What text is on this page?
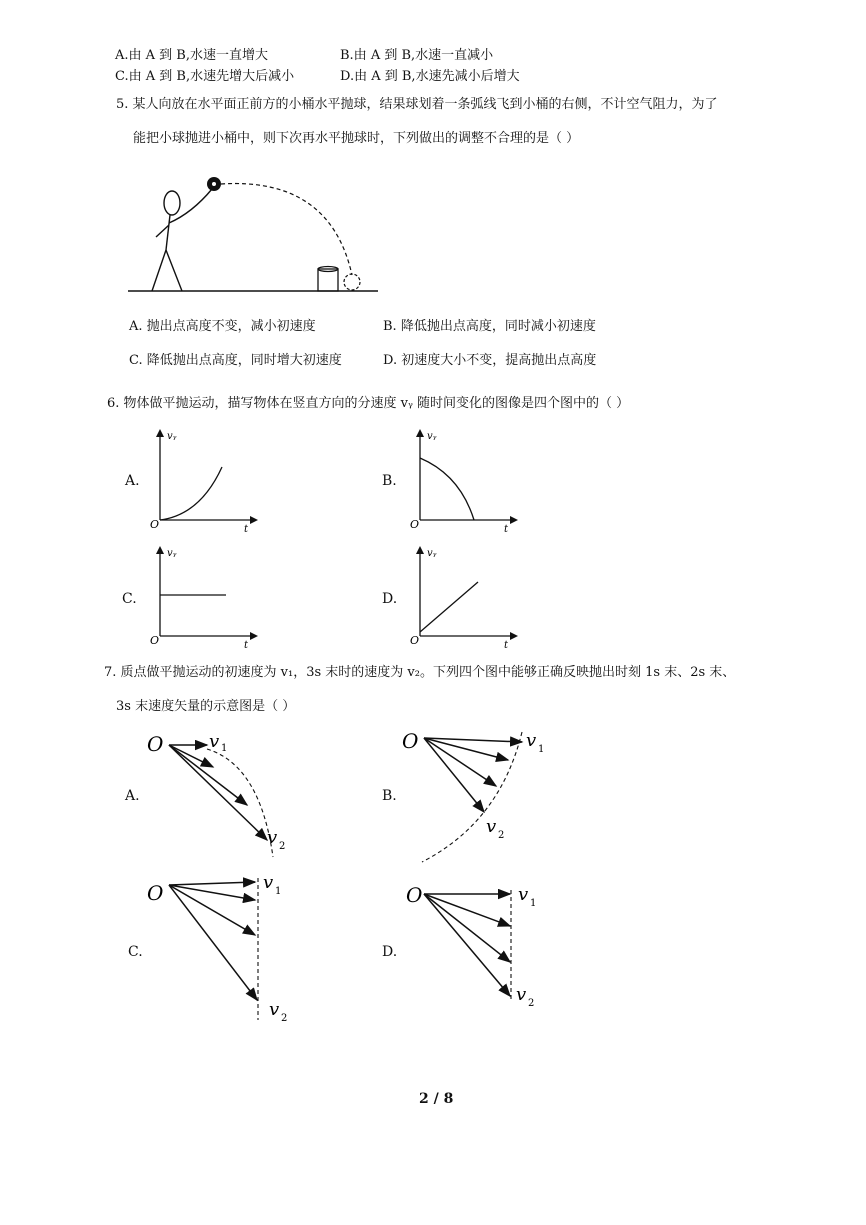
A.由 A 到 B,水速一直增大	B.由 A 到 B,水速一直减小
C.由 A 到 B,水速先增大后减小	D.由 A 到 B,水速先减小后增大
5. 某人向放在水平面正前方的小桶水平抛球，结果球划着一条弧线飞到小桶的右侧，不计空气阻力，为了
能把小球抛进小桶中，则下次再水平抛球时，下列做出的调整不合理的是（ ）
A. 抛出点高度不变，减小初速度	B. 降低抛出点高度，同时减小初速度
C. 降低抛出点高度，同时增大初速度	D. 初速度大小不变，提高抛出点高度
6. 物体做平抛运动，描写物体在竖直方向的分速度 vᵧ 随时间变化的图像是四个图中的（ ）
A.	B.
C.	D.
O	t
vᵧ
O	t
vᵧ
O	t
vᵧ
O	t
vᵧ
7. 质点做平抛运动的初速度为 v₁，3s 末时的速度为 v₂。下列四个图中能够正确反映抛出时刻 1s 末、2s 末、
3s 末速度矢量的示意图是（ ）
A.	B.
C.	D.
O	v 1
v 2
O	v 1
v 2
O	v 1
v 2
O	v 1
v 2
2 / 8
